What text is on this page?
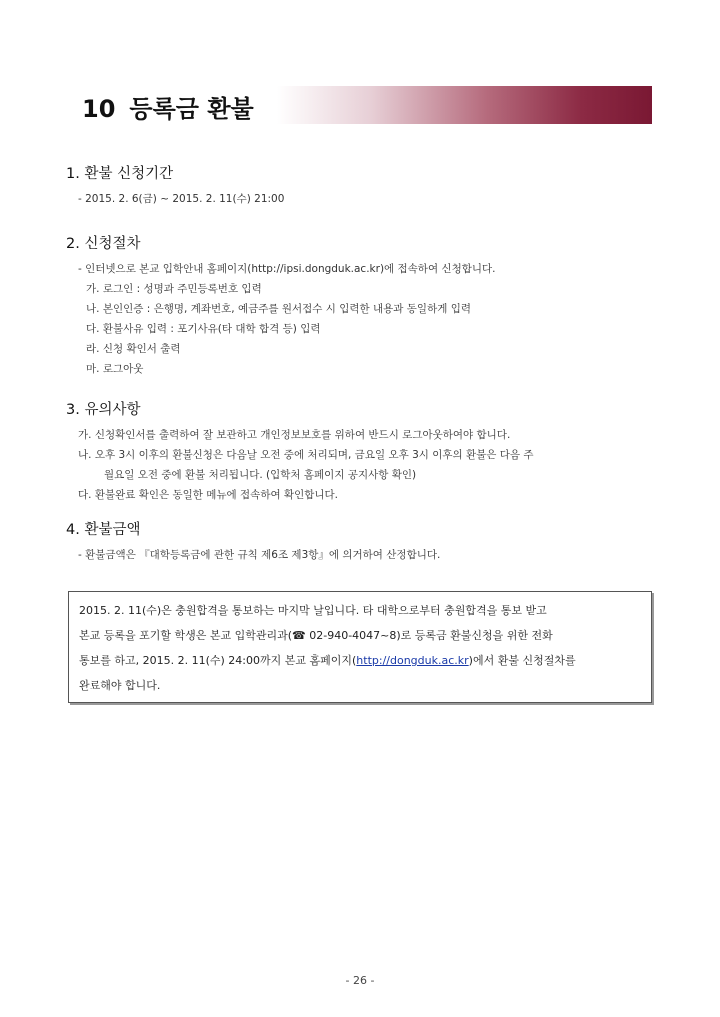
10 등록금 환불
1. 환불 신청기간
- 2015. 2. 6(금) ~ 2015. 2. 11(수) 21:00
2. 신청절차
- 인터넷으로 본교 입학안내 홈페이지(http://ipsi.dongduk.ac.kr)에 접속하여 신청합니다.
가. 로그인 : 성명과 주민등록번호 입력
나. 본인인증 : 은행명, 계좌번호, 예금주를 원서접수 시 입력한 내용과 동일하게 입력
다. 환불사유 입력 : 포기사유(타 대학 합격 등) 입력
라. 신청 확인서 출력
마. 로그아웃
3. 유의사항
가. 신청확인서를 출력하여 잘 보관하고 개인정보보호를 위하여 반드시 로그아웃하여야 합니다.
나. 오후 3시 이후의 환불신청은 다음날 오전 중에 처리되며, 금요일 오후 3시 이후의 환불은 다음 주
월요일 오전 중에 환불 처리됩니다. (입학처 홈페이지 공지사항 확인)
다. 환불완료 확인은 동일한 메뉴에 접속하여 확인합니다.
4. 환불금액
- 환불금액은 『대학등록금에 관한 규칙 제6조 제3항』에 의거하여 산정합니다.
2015. 2. 11(수)은 충원합격을 통보하는 마지막 날입니다. 타 대학으로부터 충원합격을 통보 받고
본교 등록을 포기할 학생은 본교 입학관리과(☎ 02-940-4047~8)로 등록금 환불신청을 위한 전화
통보를 하고, 2015. 2. 11(수) 24:00까지 본교 홈페이지(http://dongduk.ac.kr)에서 환불 신청절차를
완료해야 합니다.
- 26 -
